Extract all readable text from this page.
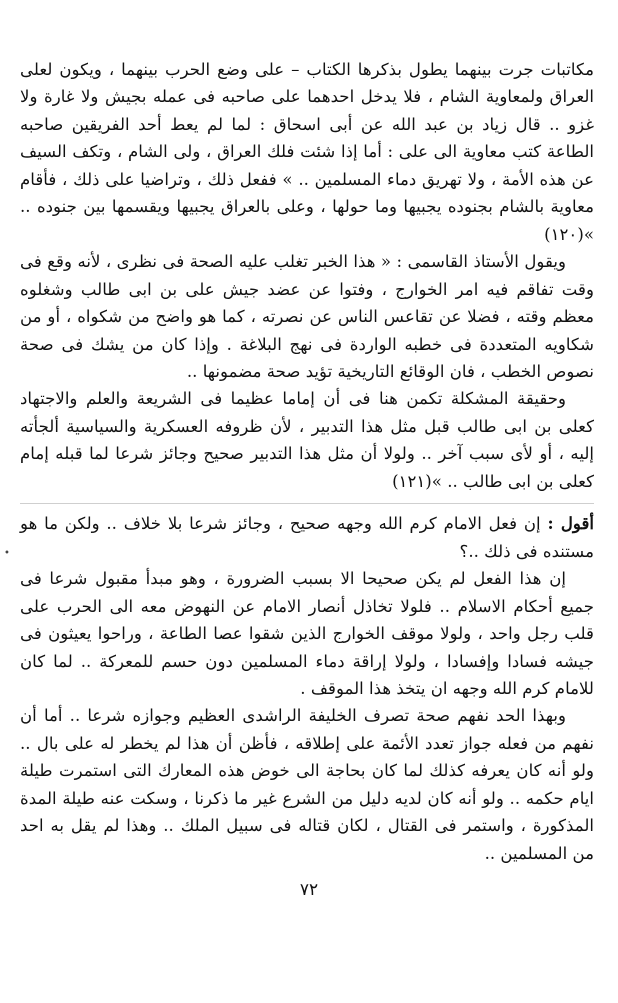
مكاتبات جرت بينهما يطول بذكرها الكتاب – على وضع الحرب بينهما ، ويكون لعلى العراق ولمعاوية الشام ، فلا يدخل احدهما على صاحبه فى عمله بجيش ولا غارة ولا غزو .. قال زياد بن عبد الله عن أبى اسحاق : لما لم يعط أحد الفريقين صاحبه الطاعة كتب معاوية الى على : أما إذا شئت فلك العراق ، ولى الشام ، وتكف السيف عن هذه الأمة ، ولا تهريق دماء المسلمين .. » ففعل ذلك ، وتراضيا على ذلك ، فأقام معاوية بالشام بجنوده يجبيها وما حولها ، وعلى بالعراق يجبيها ويقسمها بين جنوده .. »(١٢٠)

ويقول الأستاذ القاسمى : « هذا الخبر تغلب عليه الصحة فى نظرى ، لأنه وقع فى وقت تفاقم فيه امر الخوارج ، وفتوا عن عضد جيش على بن ابى طالب وشغلوه معظم وقته ، فضلا عن تقاعس الناس عن نصرته ، كما هو واضح من شكواه ، أو من شكاويه المتعددة فى خطبه الواردة فى نهج البلاغة . وإذا كان من يشك فى صحة نصوص الخطب ، فان الوقائع التاريخية تؤيد صحة مضمونها ..

وحقيقة المشكلة تكمن هنا فى أن إماما عظيما فى الشريعة والعلم والاجتهاد كعلى بن ابى طالب قبل مثل هذا التدبير ، لأن ظروفه العسكرية والسياسية ألجأته إليه ، أو لأى سبب آخر .. ولولا أن مثل هذا التدبير صحيح وجائز شرعا لما قبله إمام كعلى بن ابى طالب .. »(١٢١)

أقول : إن فعل الامام كرم الله وجهه صحيح ، وجائز شرعا بلا خلاف .. ولكن ما هو مستنده فى ذلك ..؟

إن هذا الفعل لم يكن صحيحا الا بسبب الضرورة ، وهو مبدأ مقبول شرعا فى جميع أحكام الاسلام .. فلولا تخاذل أنصار الامام عن النهوض معه الى الحرب على قلب رجل واحد ، ولولا موقف الخوارج الذين شقوا عصا الطاعة ، وراحوا يعيثون فى جيشه فسادا وإفسادا ، ولولا إراقة دماء المسلمين دون حسم للمعركة .. لما كان للامام كرم الله وجهه ان يتخذ هذا الموقف .

وبهذا الحد نفهم صحة تصرف الخليفة الراشدى العظيم وجوازه شرعا .. أما أن نفهم من فعله جواز تعدد الأئمة على إطلاقه ، فأظن أن هذا لم يخطر له على بال .. ولو أنه كان يعرفه كذلك لما كان بحاجة الى خوض هذه المعارك التى استمرت طيلة ايام حكمه .. ولو أنه كان لديه دليل من الشرع غير ما ذكرنا ، وسكت عنه طيلة المدة المذكورة ، واستمر فى القتال ، لكان قتاله فى سبيل الملك .. وهذا لم يقل به احد من المسلمين ..

•
٧٢
